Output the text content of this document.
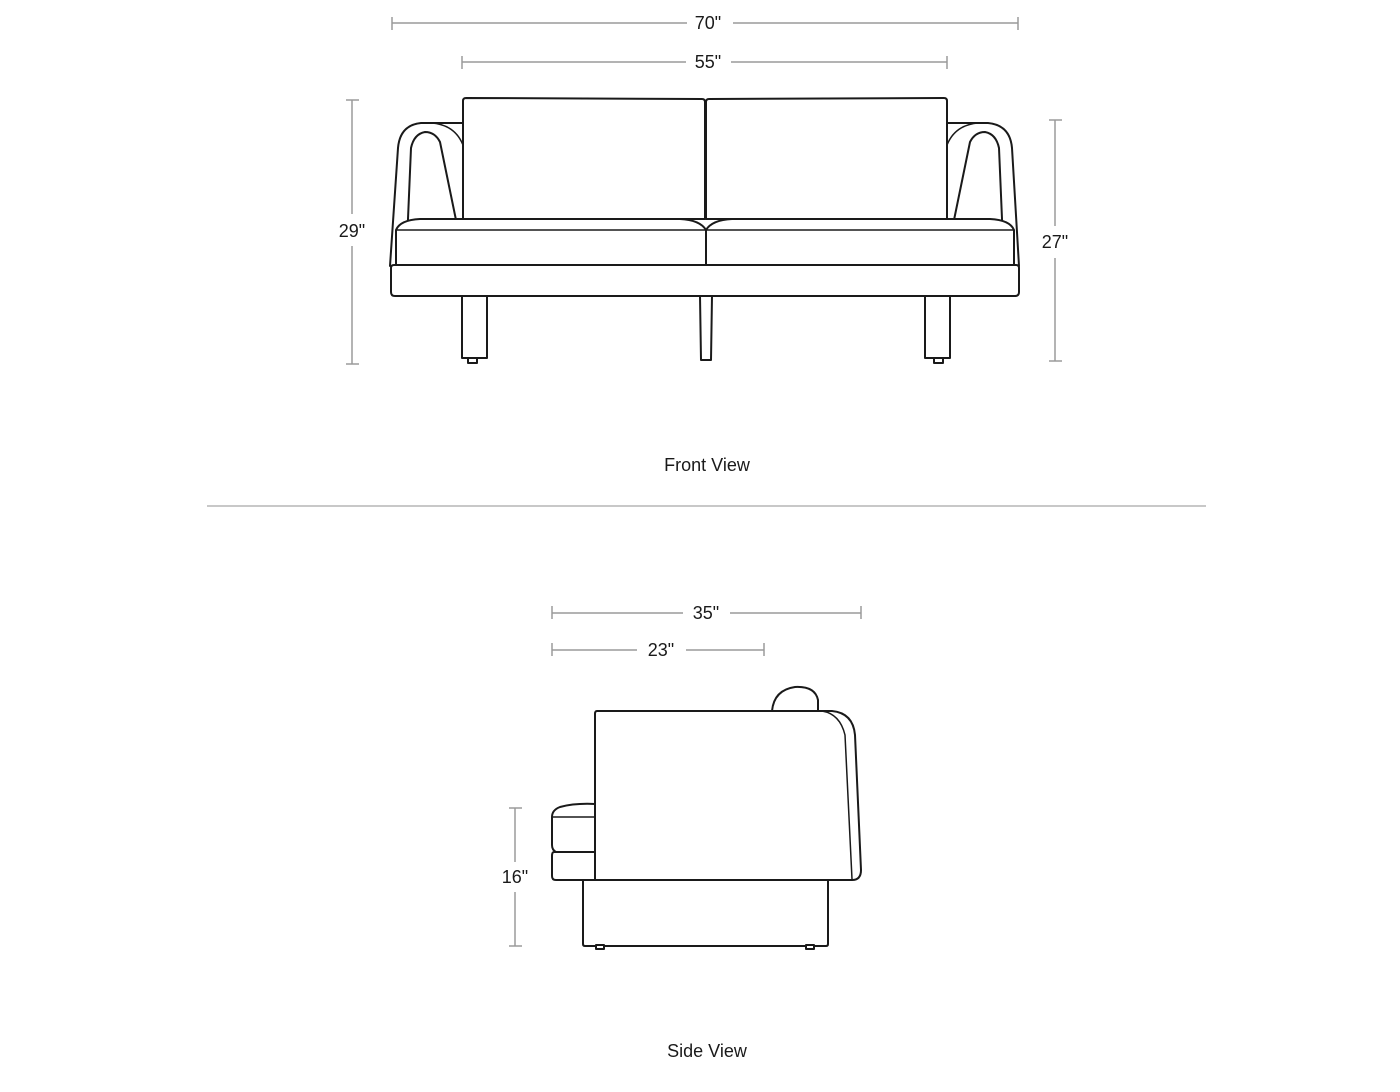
70"
55"
29"
27"
Front View
35"
23"
16"
Side View
